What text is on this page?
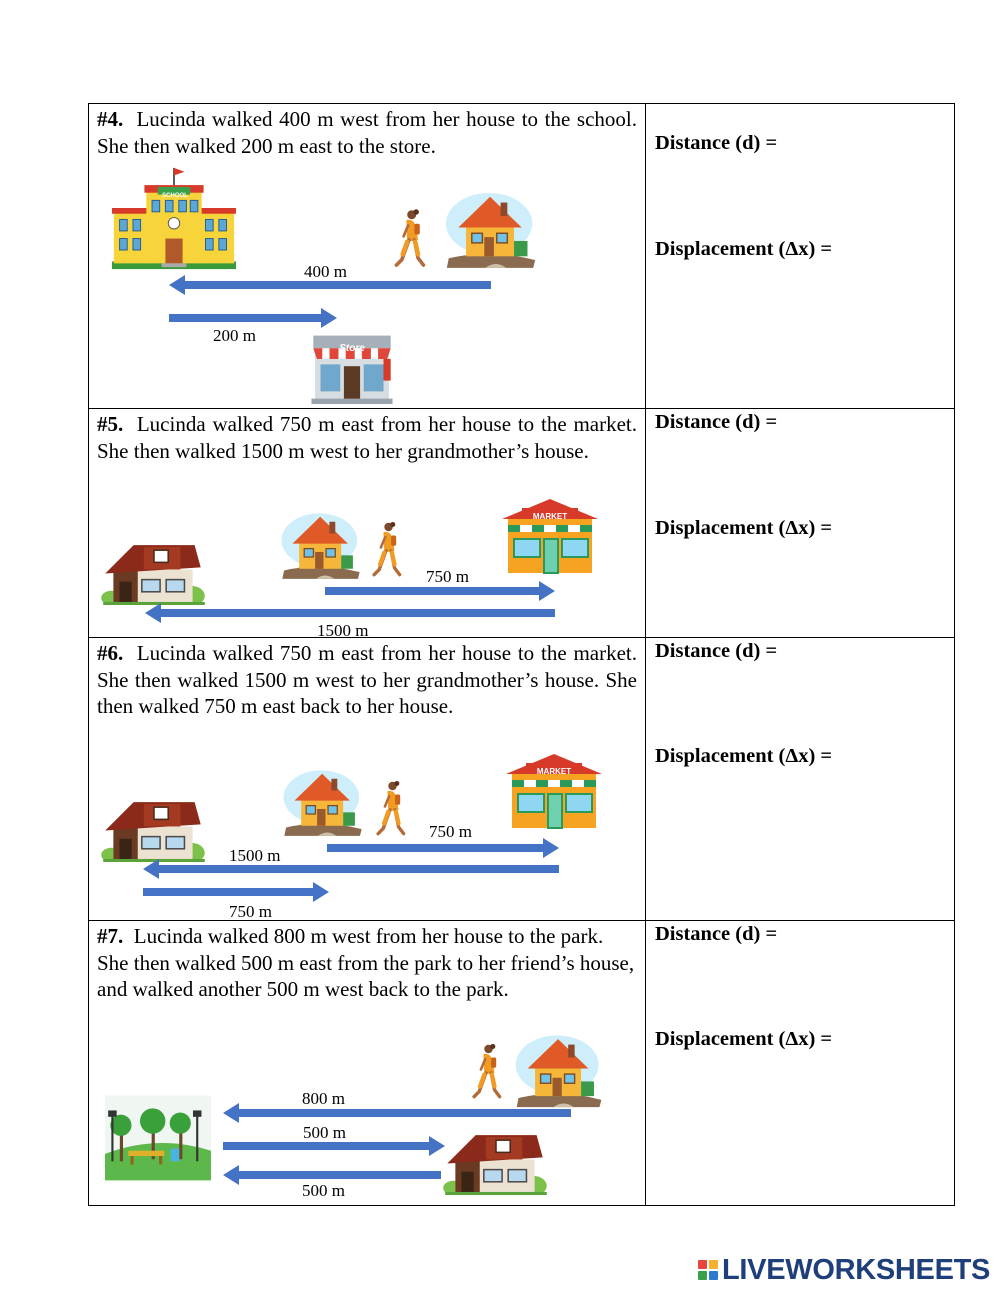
#4. Lucinda walked 400 m west from her house to the school. She then walked 200 m east to the store.
SCHOOL
Store
400 m
200 m
Distance (d) =
Displacement (Δx) =
#5. Lucinda walked 750 m east from her house to the market. She then walked 1500 m west to her grandmother’s house.
MARKET
750 m
1500 m
Distance (d) =
Displacement (Δx) =
#6. Lucinda walked 750 m east from her house to the market. She then walked 1500 m west to her grandmother’s house. She then walked 750 m east back to her house.
MARKET
750 m
1500 m
750 m
Distance (d) =
Displacement (Δx) =
#7. Lucinda walked 800 m west from her house to the park. She then walked 500 m east from the park to her friend’s house, and walked another 500 m west back to the park.
800 m
500 m
500 m
Distance (d) =
Displacement (Δx) =
LIVEWORKSHEETS
